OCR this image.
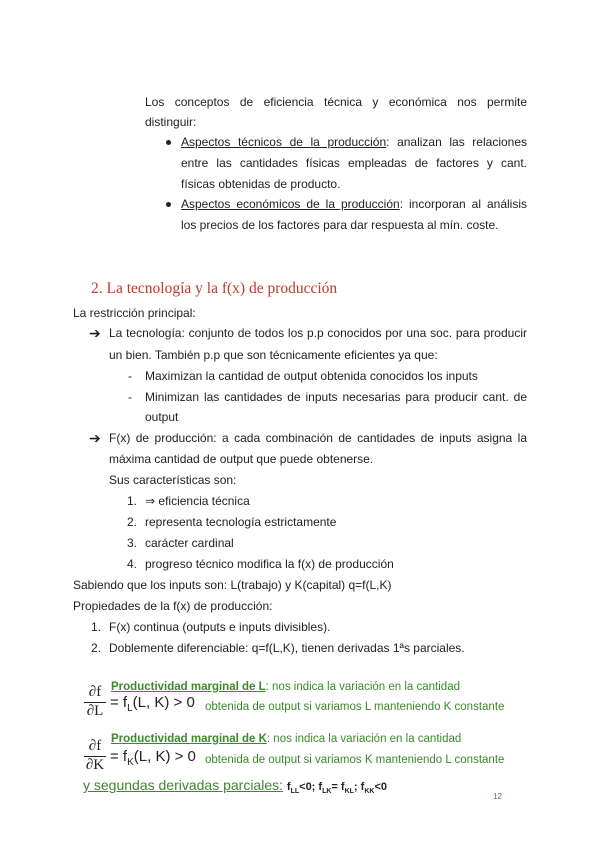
Los conceptos de eficiencia técnica y económica nos permite
distinguir:
Aspectos técnicos de la producción: analizan las relaciones
entre las cantidades físicas empleadas de factores y cant.
físicas obtenidas de producto.
Aspectos económicos de la producción: incorporan al análisis
los precios de los factores para dar respuesta al mín. coste.
2. La tecnología y la f(x) de producción
La restricción principal:
➔ La tecnología: conjunto de todos los p.p conocidos por una soc. para producir
un bien. También p.p que son técnicamente eficientes ya que:
- Maximizan la cantidad de output obtenida conocidos los inputs
- Minimizan las cantidades de inputs necesarias para producir cant. de
output
➔ F(x) de producción: a cada combinación de cantidades de inputs asigna la
máxima cantidad de output que puede obtenerse.
Sus características son:
1. ⇒ eficiencia técnica
2. representa tecnología estrictamente
3. carácter cardinal
4. progreso técnico modifica la f(x) de producción
Sabiendo que los inputs son: L(trabajo) y K(capital) q=f(L,K)
Propiedades de la f(x) de producción:
1. F(x) continua (outputs e inputs divisibles).
2. Doblemente diferenciable: q=f(L,K), tienen derivadas 1ªs parciales.
∂f
$\partial L = f_L(L$, K) > 0
Productividad marginal de L: nos indica la variación en la cantidad
obtenida de output si variamos L manteniendo K constante
∂f
$\partial K = f_K(L$, K) > 0
Productividad marginal de K: nos indica la variación en la cantidad
obtenida de output si variamos K manteniendo L constante
y segundas derivadas parciales: $f_{LL}<0$; $f_{LK}= f_{KL}$; $f_{KK}<0$
12
